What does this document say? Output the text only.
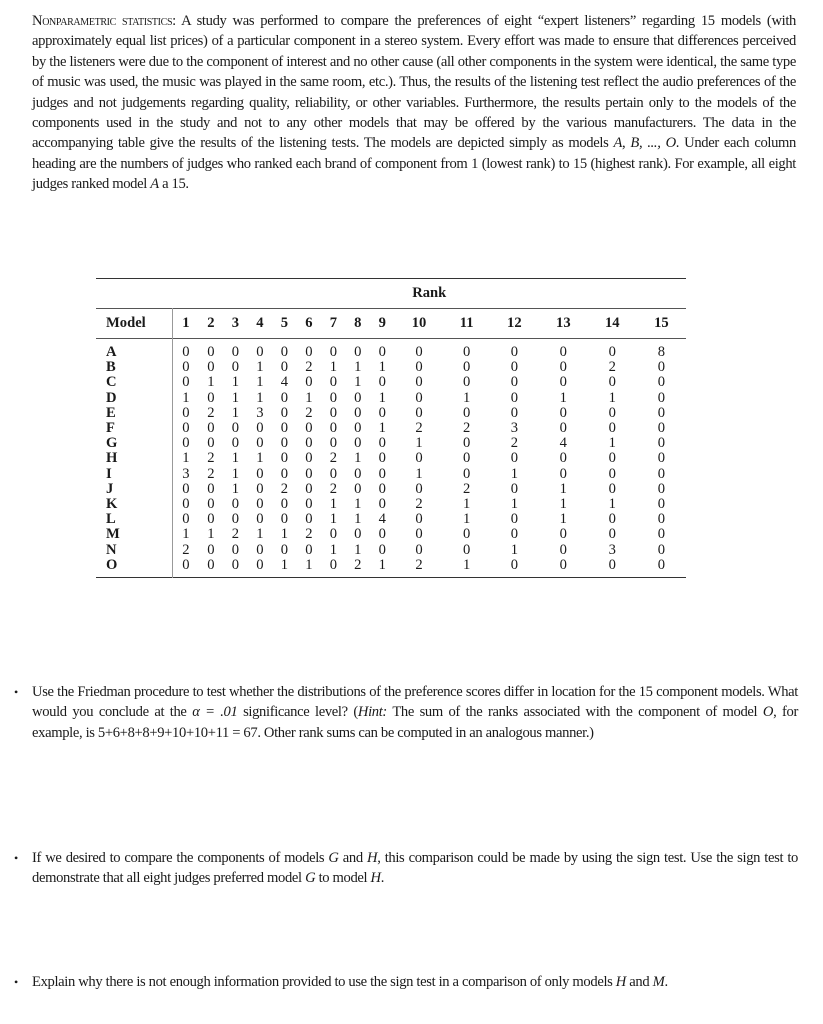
Nonparametric statistics: A study was performed to compare the preferences of eight “expert listeners” regarding 15 models (with approximately equal list prices) of a particular component in a stereo system. Every effort was made to ensure that differences perceived by the listeners were due to the component of interest and no other cause (all other components in the system were identical, the same type of music was used, the music was played in the same room, etc.). Thus, the results of the listening test reflect the audio preferences of the judges and not judgements regarding quality, reliability, or other variables. Furthermore, the results pertain only to the models of the components used in the study and not to any other models that may be offered by the various manufacturers. The data in the accompanying table give the results of the listening tests. The models are depicted simply as models A, B, ..., O. Under each column heading are the numbers of judges who ranked each brand of component from 1 (lowest rank) to 15 (highest rank). For example, all eight judges ranked model A a 15.

	Rank														
Model	1	2	3	4	5	6	7	8	9	10	11	12	13	14	15
A	0	0	0	0	0	0	0	0	0	0	0	0	0	0	8
B	0	0	0	1	0	2	1	1	1	0	0	0	0	2	0
C	0	1	1	1	4	0	0	1	0	0	0	0	0	0	0
D	1	0	1	1	0	1	0	0	1	0	1	0	1	1	0
E	0	2	1	3	0	2	0	0	0	0	0	0	0	0	0
F	0	0	0	0	0	0	0	0	1	2	2	3	0	0	0
G	0	0	0	0	0	0	0	0	0	1	0	2	4	1	0
H	1	2	1	1	0	0	2	1	0	0	0	0	0	0	0
I	3	2	1	0	0	0	0	0	0	1	0	1	0	0	0
J	0	0	1	0	2	0	2	0	0	0	2	0	1	0	0
K	0	0	0	0	0	0	1	1	0	2	1	1	1	1	0
L	0	0	0	0	0	0	1	1	4	0	1	0	1	0	0
M	1	1	2	1	1	2	0	0	0	0	0	0	0	0	0
N	2	0	0	0	0	0	1	1	0	0	0	1	0	3	0
O	0	0	0	0	1	1	0	2	1	2	1	0	0	0	0
• Use the Friedman procedure to test whether the distributions of the preference scores differ in location for the 15 component models. What would you conclude at the α = .01 significance level? (Hint: The sum of the ranks associated with the component of model O, for example, is 5+6+8+8+9+10+10+11 = 67. Other rank sums can be computed in an analogous manner.)
• If we desired to compare the components of models G and H, this comparison could be made by using the sign test. Use the sign test to demonstrate that all eight judges preferred model G to model H.
• Explain why there is not enough information provided to use the sign test in a comparison of only models H and M.
